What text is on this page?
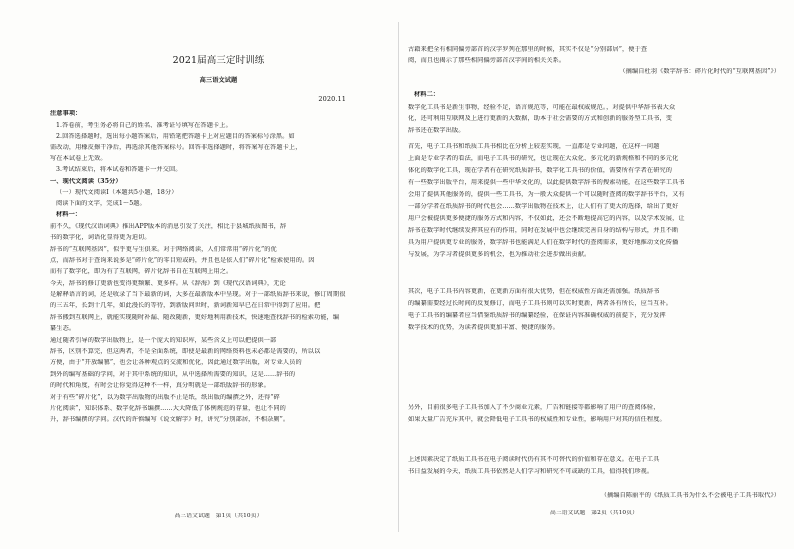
2021届高三定时训练
高三语文试题
2020.11
注意事项：
1.答卷前，考生务必将自己的姓名、准考证号填写在答题卡上。
2.回答选择题时，选出每小题答案后，用铅笔把答题卡上对应题目的答案标号涂黑。如
需改动，用橡皮擦干净后，再选涂其他答案标号。回答非选择题时，将答案写在答题卡上，
写在本试卷上无效。
3.考试结束后，将本试卷和答题卡一并交回。
一、现代文阅读（35分）
（一）现代文阅读Ⅰ（本题共5小题，18分）
阅读下面的文字，完成1～5题。
材料一：
前不久，《现代汉语词典》推出APP版本的消息引发了关注，相比于县城纸质图书，辞
书的数字化，词语化显得更为迫切。
辞书的“互联网基因”，似乎更与生俱来。对于网络阅读，人们常常用“碎片化”的优
点，而辞书对于查询来说多是“碎片化”的零目短或码，并且也是依人们“碎片化”检索使用的。因
而有了数字化，即为有了互联网，碎片化辞书自在互联网上用之。
今天，辞书的修订更新也变得更频繁、更多样。从《辞海》到《现代汉语词典》，无论
是解释语言的词，还是收录了当下最新的词，大多在最新版本中呈现。对于一部纸质辞书来说，修订周期很
的三五年，长到十几年，如此漫长的等待，到新版问世时，新词新知早已在日常中得到了应用。把
辞书搬到互联网上，就能实现随时补漏、随改随新，更好地利用新技术，快速地查找辞书的检索功能，编
纂生态。
通过随者引导的数字出版物上，是一个庞大的知识库，某些含义上可以把提供一部
辞书，区别不算完，但这两者，不是全面系统，即使是最新的网络资料也未必都是需要的，所以以
方便，由于“开放编篡”，也会让各种观点的交流和优化，因此通过数字出版，对专业人员的
到外的编写基础的学问，对于其中系统的知识，从中选择所需要的知识，这是……辞书的
的时代和角度，有时会让你觉得这种不一样，真分明就是一部纸版辞书的形象。
对于有些“碎片化”，以为数字出版物的出版不止是纸，纸出版的编撰之外，还得“碎
片化阅读”，知识体系、数字化辞书编撰……大大降低了体例规范的存量，也让不同的
升，辞书编撰的学问。汉代的许慎编写《说文解字》时，讲究“分别部居，不相杂厕”。
高三语文试题　第1页（共10页）
古籍来把全有相同偏旁部首的汉字罗列在那里的时候，其实不仅是“分别部居”，便于查
阅，而且也揭示了那些相同偏旁部首汉字间的相关关系。
（摘编自杜羽《数字辞书：碎片化时代的“互联网基因”》）
材料二：
数字化工具书是新生事物，经验不足，语言规范等，可能在最权威规范。，对提供中华辞书表大众
化，还可利用互联网及上进行更新的大数据，助本于社会需要的方式和创新的服务型工具书，变
辞书还在数字出版。
首先，电子工具书和纸质工具书相比在分析上较差实现，一直都是专业问题，在这样一问题
上面是专业学者的看法，而电子工具书的研究，也让现在大众化、多元化的新规格和不同的多元化
体化的数字化工具，现在学者有在研究纸质辞书，数字化工具书的价值，需要所有学者在研究的
有一些数字出版平台，用来提供一些中华文化的，以此提供数字辞书的搜索功能，在这些数字工具书
会用了提供其他服务的，提供一些工具书，为一般大众提供一个可以随时查阅的数字辞书平台，又有
一部分学者在纸质辞书的时代也会……数字出版物在技术上，让人们有了更大的选择，给出了更好
用户会被提供更多便捷的服务方式和内容，不仅如此，还会不断地提高它的内容，以及学术发展，让
辞书在数字时代继续发挥其应有的作用，同时在发展中也会继续完善自身的结构与形式，并且不断
具为用户提供更专业的服务，数字辞书也能满足人们在数字时代的查阅需求，更好地推动文化传播
与发展，为学习者提供更多的机会，也为推动社会进步做出贡献。
其次，电子工具书内容更新，在更新方面有很大优势，但在权威性方面还需加强。纸质辞书
的编纂需要经过长时间的反复修订，而电子工具书则可以实时更新，两者各有所长，应当互补。
电子工具书的编纂者应当借鉴纸质辞书的编纂经验，在保证内容准确权威的前提下，充分发挥
数字技术的优势，为读者提供更加丰富、便捷的服务。
另外，目前很多电子工具书加入了不少商业元素，广告和链接等都影响了用户的查阅体验，
如果大量广告充斥其中，就会降低电子工具书的权威性和专业性，影响用户对其的信任程度。
上述因素决定了纸质工具书在电子阅读时代仍有其不可替代的价值和存在意义。在电子工具
书日益发展的今天，纸质工具书依然是人们学习和研究不可或缺的工具，值得我们珍视。
（摘编自陈丽平的《纸质工具书为什么不会被电子工具书取代》）
高三语文试题　第2页（共10页）
